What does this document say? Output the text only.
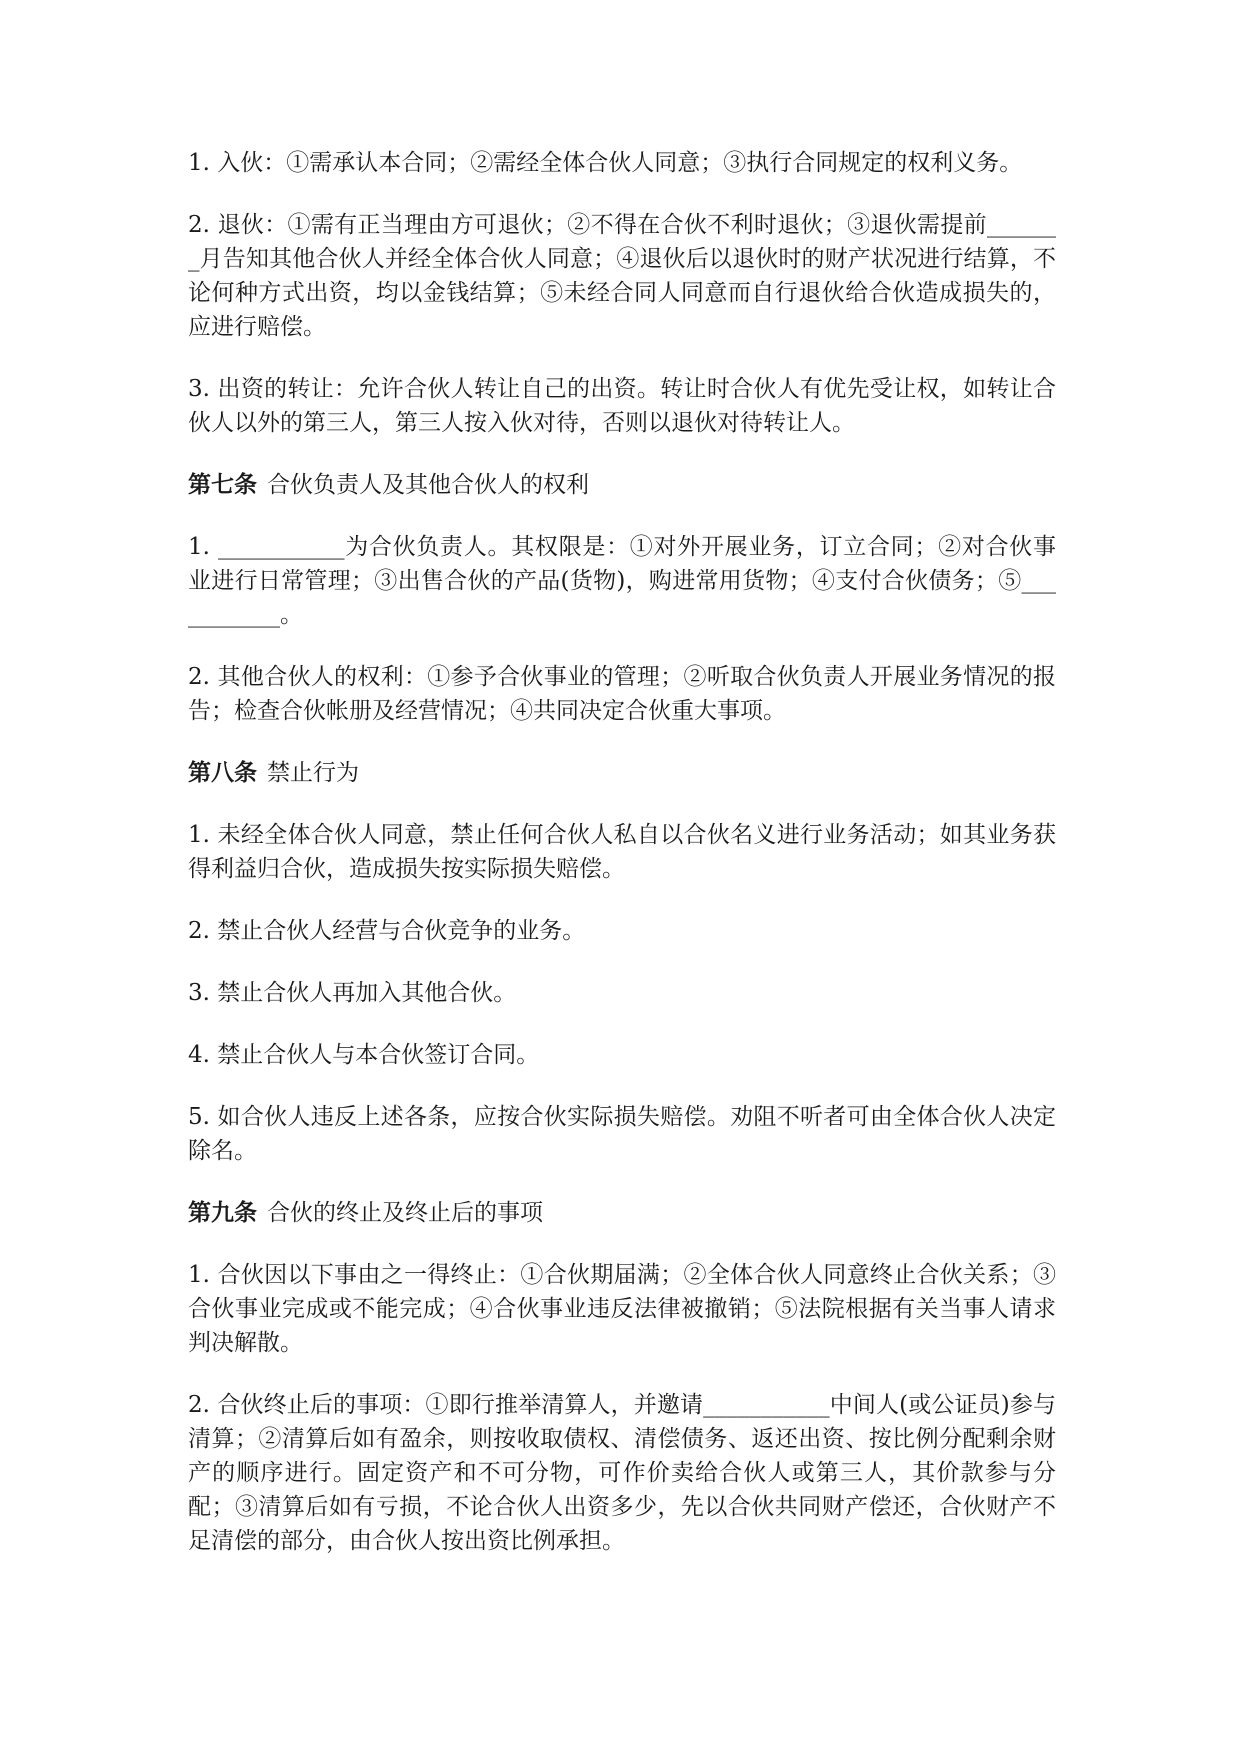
1. 入伙：①需承认本合同；②需经全体合伙人同意；③执行合同规定的权利义务。

2. 退伙：①需有正当理由方可退伙；②不得在合伙不利时退伙；③退伙需提前_______月告知其他合伙人并经全体合伙人同意；④退伙后以退伙时的财产状况进行结算，不论何种方式出资，均以金钱结算；⑤未经合同人同意而自行退伙给合伙造成损失的，应进行赔偿。

3. 出资的转让：允许合伙人转让自己的出资。转让时合伙人有优先受让权，如转让合伙人以外的第三人，第三人按入伙对待，否则以退伙对待转让人。

第七条 合伙负责人及其他合伙人的权利

1. ___________为合伙负责人。其权限是：①对外开展业务，订立合同；②对合伙事业进行日常管理；③出售合伙的产品(货物)，购进常用货物；④支付合伙债务；⑤___________。

2. 其他合伙人的权利：①参予合伙事业的管理；②听取合伙负责人开展业务情况的报告；检查合伙帐册及经营情况；④共同决定合伙重大事项。

第八条 禁止行为

1. 未经全体合伙人同意，禁止任何合伙人私自以合伙名义进行业务活动；如其业务获得利益归合伙，造成损失按实际损失赔偿。

2. 禁止合伙人经营与合伙竞争的业务。

3. 禁止合伙人再加入其他合伙。

4. 禁止合伙人与本合伙签订合同。

5. 如合伙人违反上述各条，应按合伙实际损失赔偿。劝阻不听者可由全体合伙人决定除名。

第九条 合伙的终止及终止后的事项

1. 合伙因以下事由之一得终止：①合伙期届满；②全体合伙人同意终止合伙关系；③合伙事业完成或不能完成；④合伙事业违反法律被撤销；⑤法院根据有关当事人请求判决解散。

2. 合伙终止后的事项：①即行推举清算人，并邀请___________中间人(或公证员)参与清算；②清算后如有盈余，则按收取债权、清偿债务、返还出资、按比例分配剩余财产的顺序进行。固定资产和不可分物，可作价卖给合伙人或第三人，其价款参与分配；③清算后如有亏损，不论合伙人出资多少，先以合伙共同财产偿还，合伙财产不足清偿的部分，由合伙人按出资比例承担。
